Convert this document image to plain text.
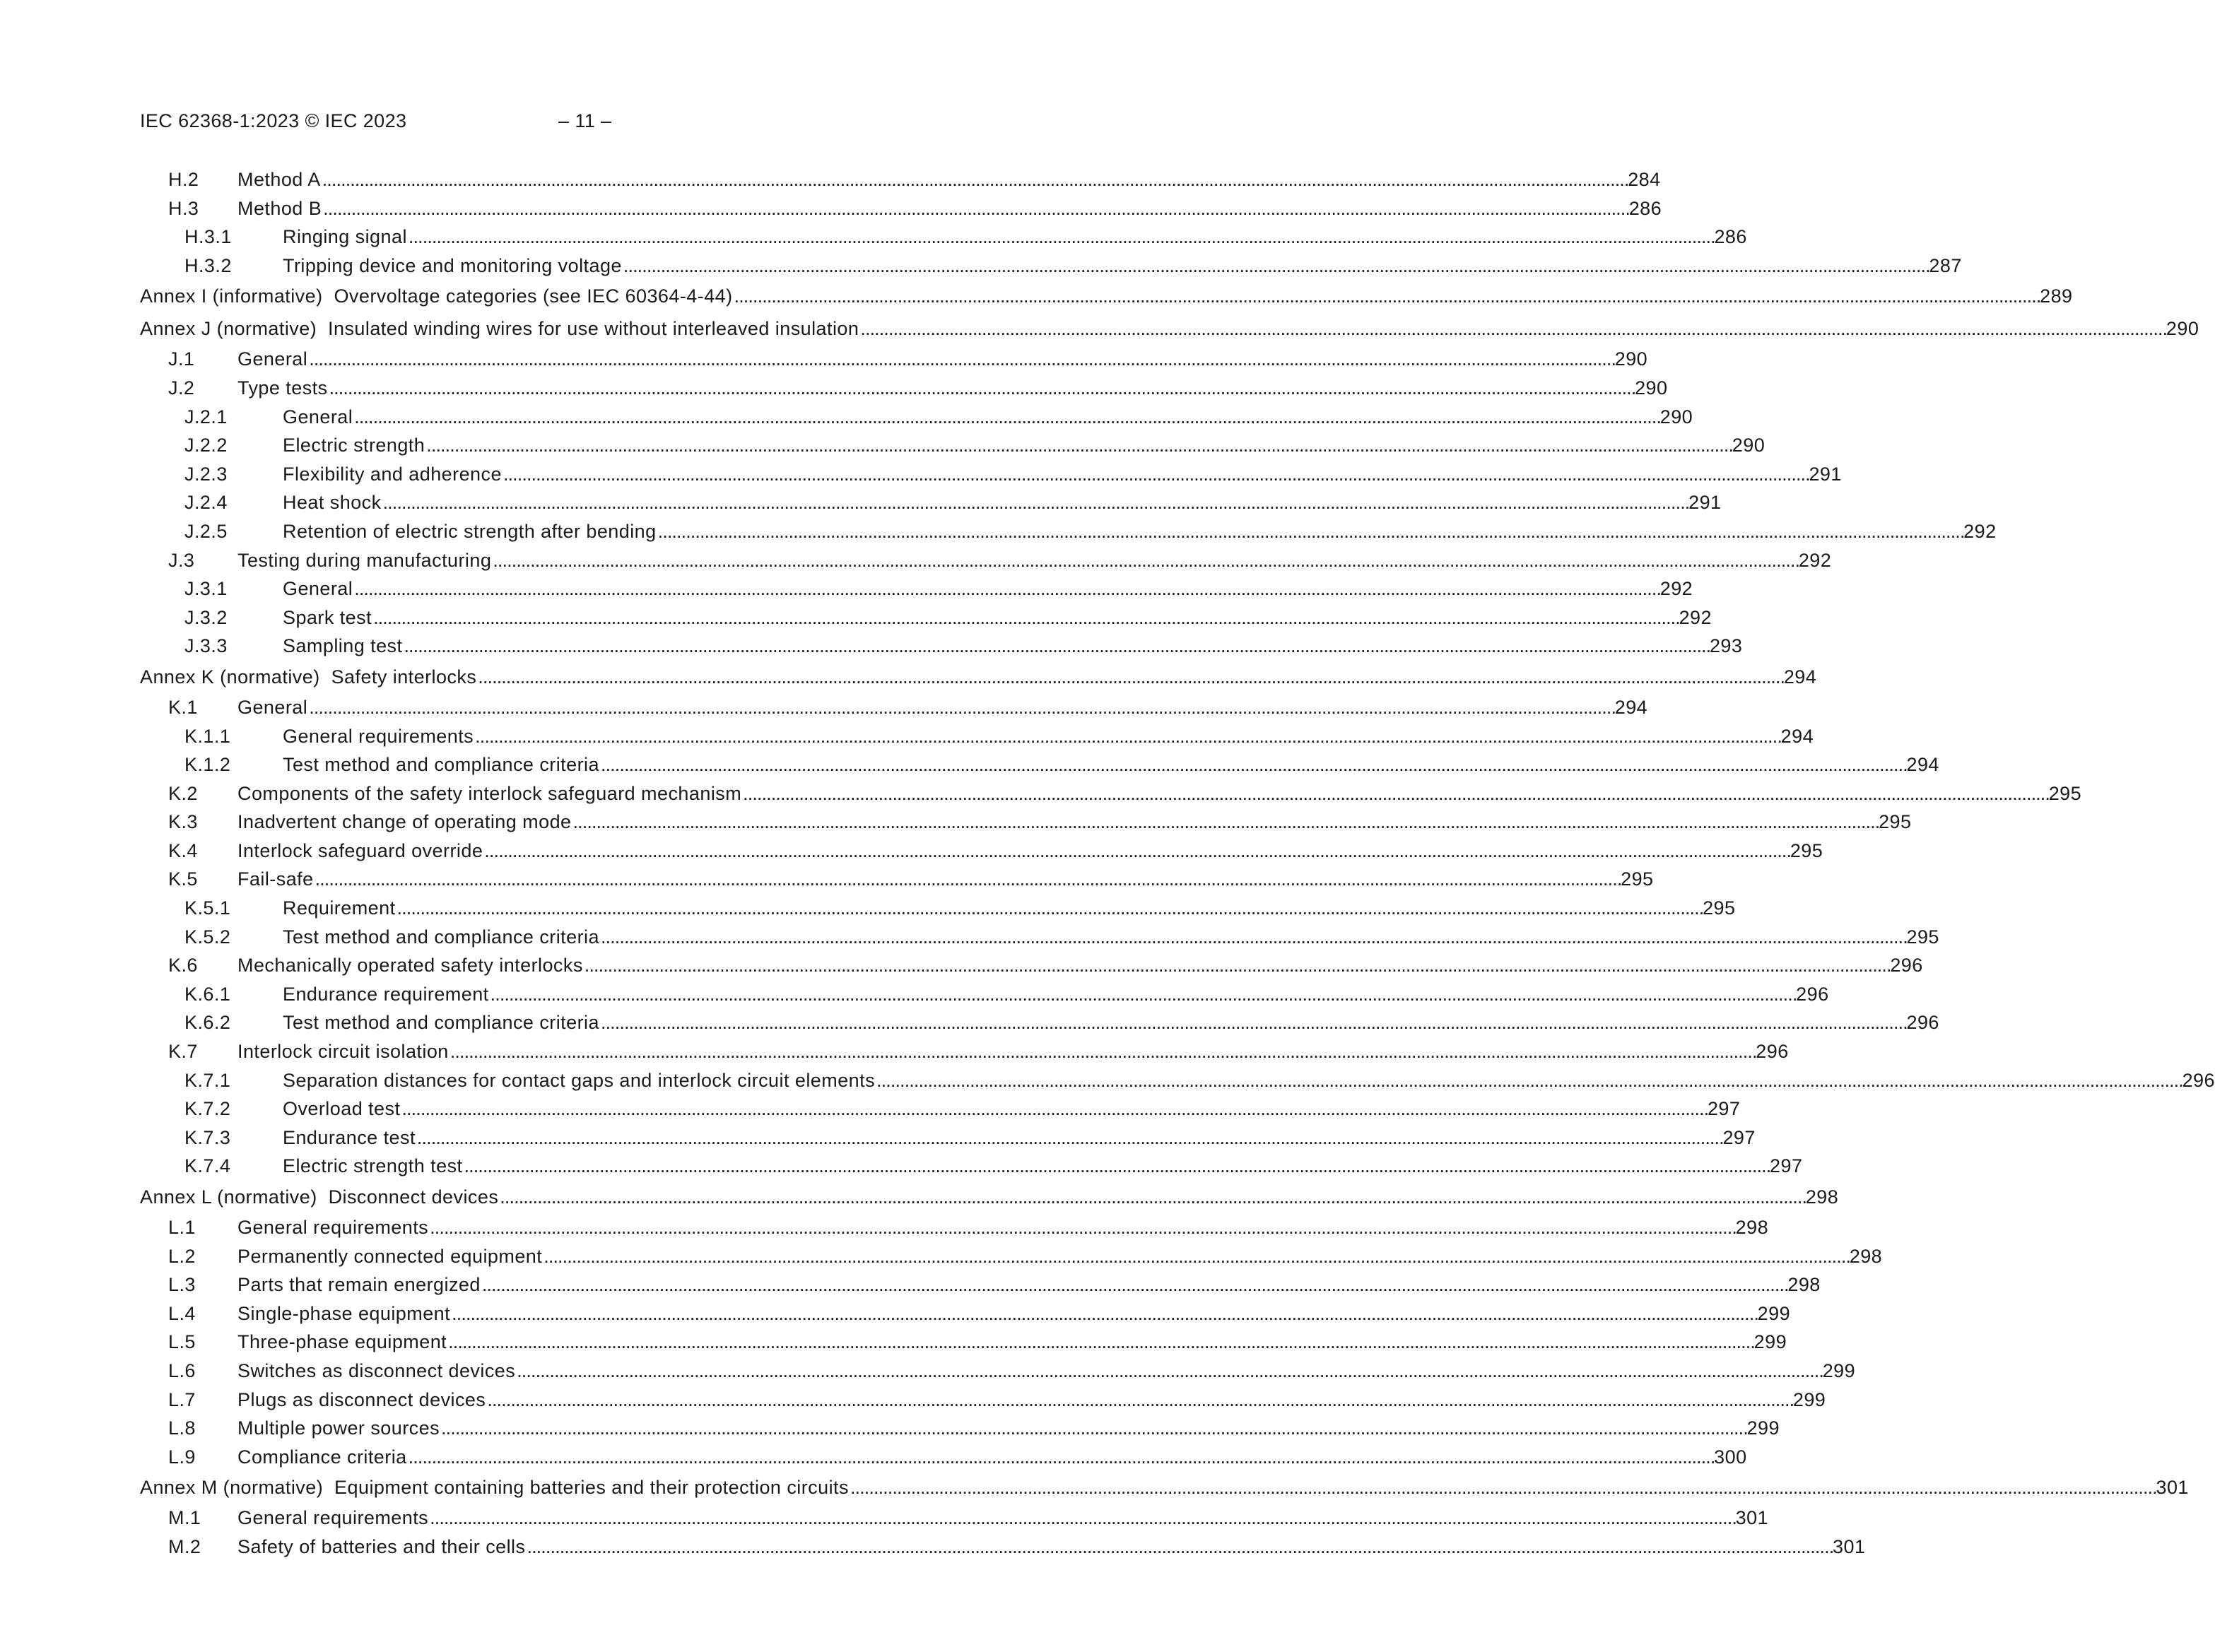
IEC 62368-1:2023 © IEC 2023	– 11 –
H.2	Method A . . .	284
H.3	Method B . . .	286
H.3.1	Ringing signal . . .	286
H.3.2	Tripping device and monitoring voltage . . .	287
Annex I (informative) Overvoltage categories (see IEC 60364-4-44) . . .	289
Annex J (normative) Insulated winding wires for use without interleaved insulation . . .	290
J.1	General . . .	290
J.2	Type tests . . .	290
J.2.1	General . . .	290
J.2.2	Electric strength . . .	290
J.2.3	Flexibility and adherence . . .	291
J.2.4	Heat shock . . .	291
J.2.5	Retention of electric strength after bending . . .	292
J.3	Testing during manufacturing . . .	292
J.3.1	General . . .	292
J.3.2	Spark test . . .	292
J.3.3	Sampling test . . .	293
Annex K (normative) Safety interlocks . . .	294
K.1	General . . .	294
K.1.1	General requirements . . .	294
K.1.2	Test method and compliance criteria . . .	294
K.2	Components of the safety interlock safeguard mechanism . . .	295
K.3	Inadvertent change of operating mode . . .	295
K.4	Interlock safeguard override . . .	295
K.5	Fail-safe . . .	295
K.5.1	Requirement . . .	295
K.5.2	Test method and compliance criteria . . .	295
K.6	Mechanically operated safety interlocks . . .	296
K.6.1	Endurance requirement . . .	296
K.6.2	Test method and compliance criteria . . .	296
K.7	Interlock circuit isolation . . .	296
K.7.1	Separation distances for contact gaps and interlock circuit elements . . .	296
K.7.2	Overload test . . .	297
K.7.3	Endurance test . . .	297
K.7.4	Electric strength test . . .	297
Annex L (normative) Disconnect devices . . .	298
L.1	General requirements . . .	298
L.2	Permanently connected equipment . . .	298
L.3	Parts that remain energized . . .	298
L.4	Single-phase equipment . . .	299
L.5	Three-phase equipment . . .	299
L.6	Switches as disconnect devices . . .	299
L.7	Plugs as disconnect devices . . .	299
L.8	Multiple power sources . . .	299
L.9	Compliance criteria . . .	300
Annex M (normative) Equipment containing batteries and their protection circuits . . .	301
M.1	General requirements . . .	301
M.2	Safety of batteries and their cells . . .	301
